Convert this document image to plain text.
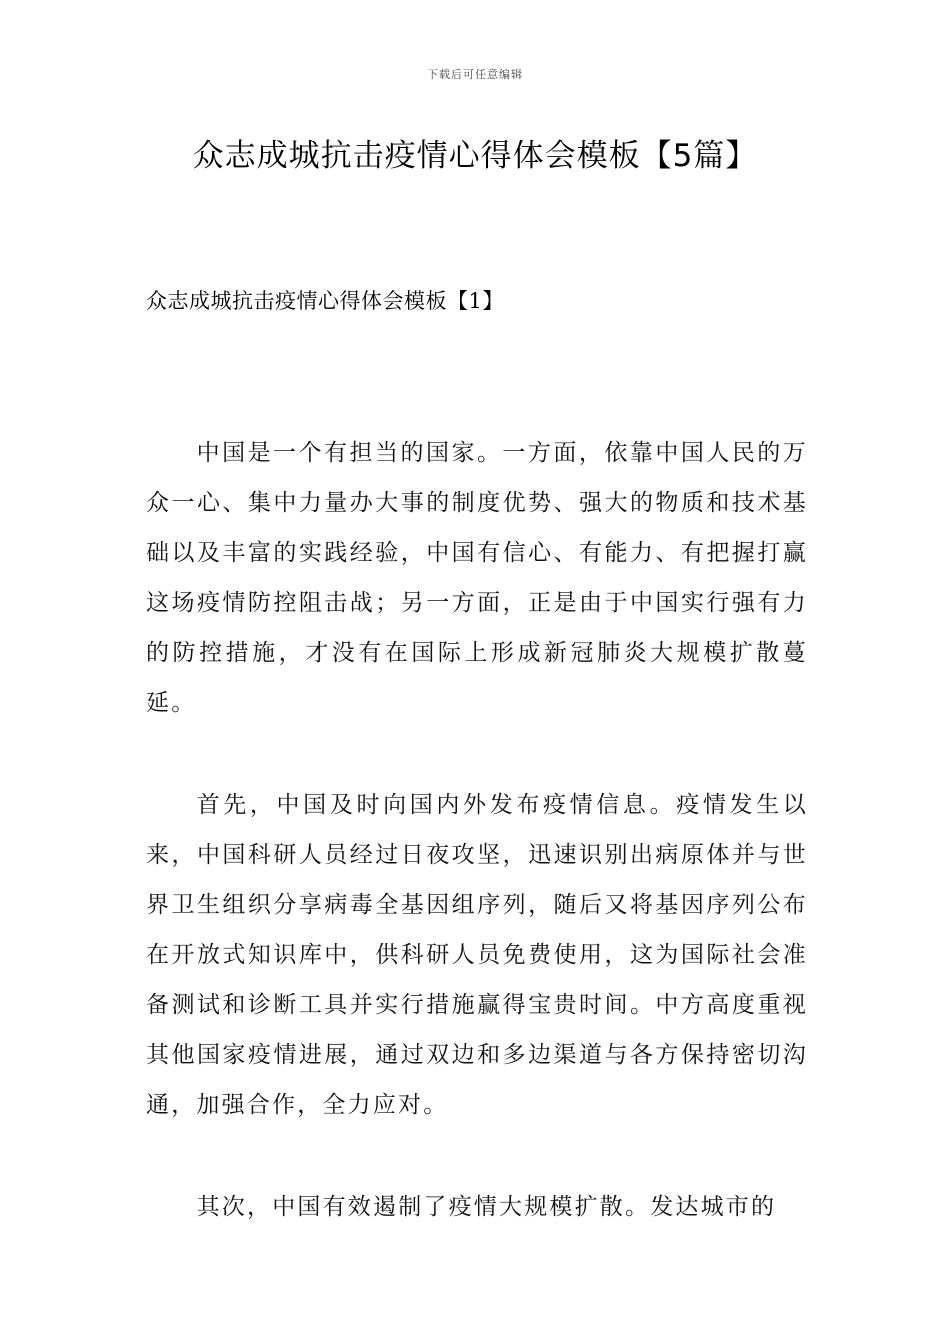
下载后可任意编辑
众志成城抗击疫情心得体会模板【5篇】
众志成城抗击疫情心得体会模板【1】

中国是一个有担当的国家。一方面，依靠中国人民的万众一心、集中力量办大事的制度优势、强大的物质和技术基础以及丰富的实践经验，中国有信心、有能力、有把握打赢这场疫情防控阻击战；另一方面，正是由于中国实行强有力的防控措施，才没有在国际上形成新冠肺炎大规模扩散蔓延。

首先，中国及时向国内外发布疫情信息。疫情发生以来，中国科研人员经过日夜攻坚，迅速识别出病原体并与世界卫生组织分享病毒全基因组序列，随后又将基因序列公布在开放式知识库中，供科研人员免费使用，这为国际社会准备测试和诊断工具并实行措施赢得宝贵时间。中方高度重视其他国家疫情进展，通过双边和多边渠道与各方保持密切沟通，加强合作，全力应对。

其次，中国有效遏制了疫情大规模扩散。发达城市的
